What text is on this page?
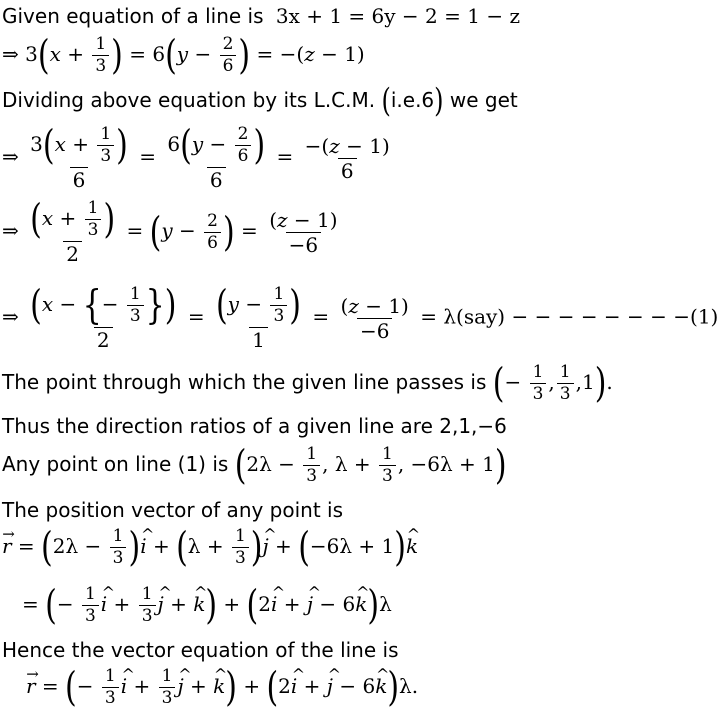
Given equation of a line is 3x + 1 = 6y − 2 = 1 − z
⇒ $3(x + \frac{1}{3}$ ) = $6(y - \frac{2}{6}$ ) = −(z − 1)
Dividing above equation by its L.C.M. (i.e.6) we get
⇒ $\frac{3(x + \frac{1}{3} )}{6} = \frac{6(y - \frac{2}{6} )}{6} = \frac{-(z - 1)}{6}$
⇒ $\frac{(x + \frac{1}{3} )}{2} = (y - \frac{2}{6}$ ) = $\frac{(z - 1)}{-6}$
⇒ $\frac{(x - \{- \frac{1}{3} \})}{2} = \frac{(y - \frac{1}{3} )}{1} = \frac{(z - 1)}{-6} = \lambda(say)$ − − − − − − − −(1)
The point through which the given line passes is (− $\frac{1}{3}$ , $\frac{1}{3} ,1$).
Thus the direction ratios of a given line are 2,1,−6
Any point on line (1) is ($2\lambda - \frac{1}{3}$ , $\lambda + \frac{1}{3}$ , −6λ + 1)
The position vector of any point is
→ $r = (2\lambda - \frac{1}{3}$ )^ $i + (\lambda + \frac{1}{3}$ )^ j + (−6λ + 1)^ k
= (− $\frac{1}{3}$ ^ $i + \frac{1}{3}$ ^ j + ^ k) + (2^ i + ^ j − 6^ k)λ
Hence the vector equation of the line is
→ r = (− $\frac{1}{3}$ ^ $i + \frac{1}{3}$ ^ j + ^ k) + (2^ i + ^ j − 6^ k)λ.
